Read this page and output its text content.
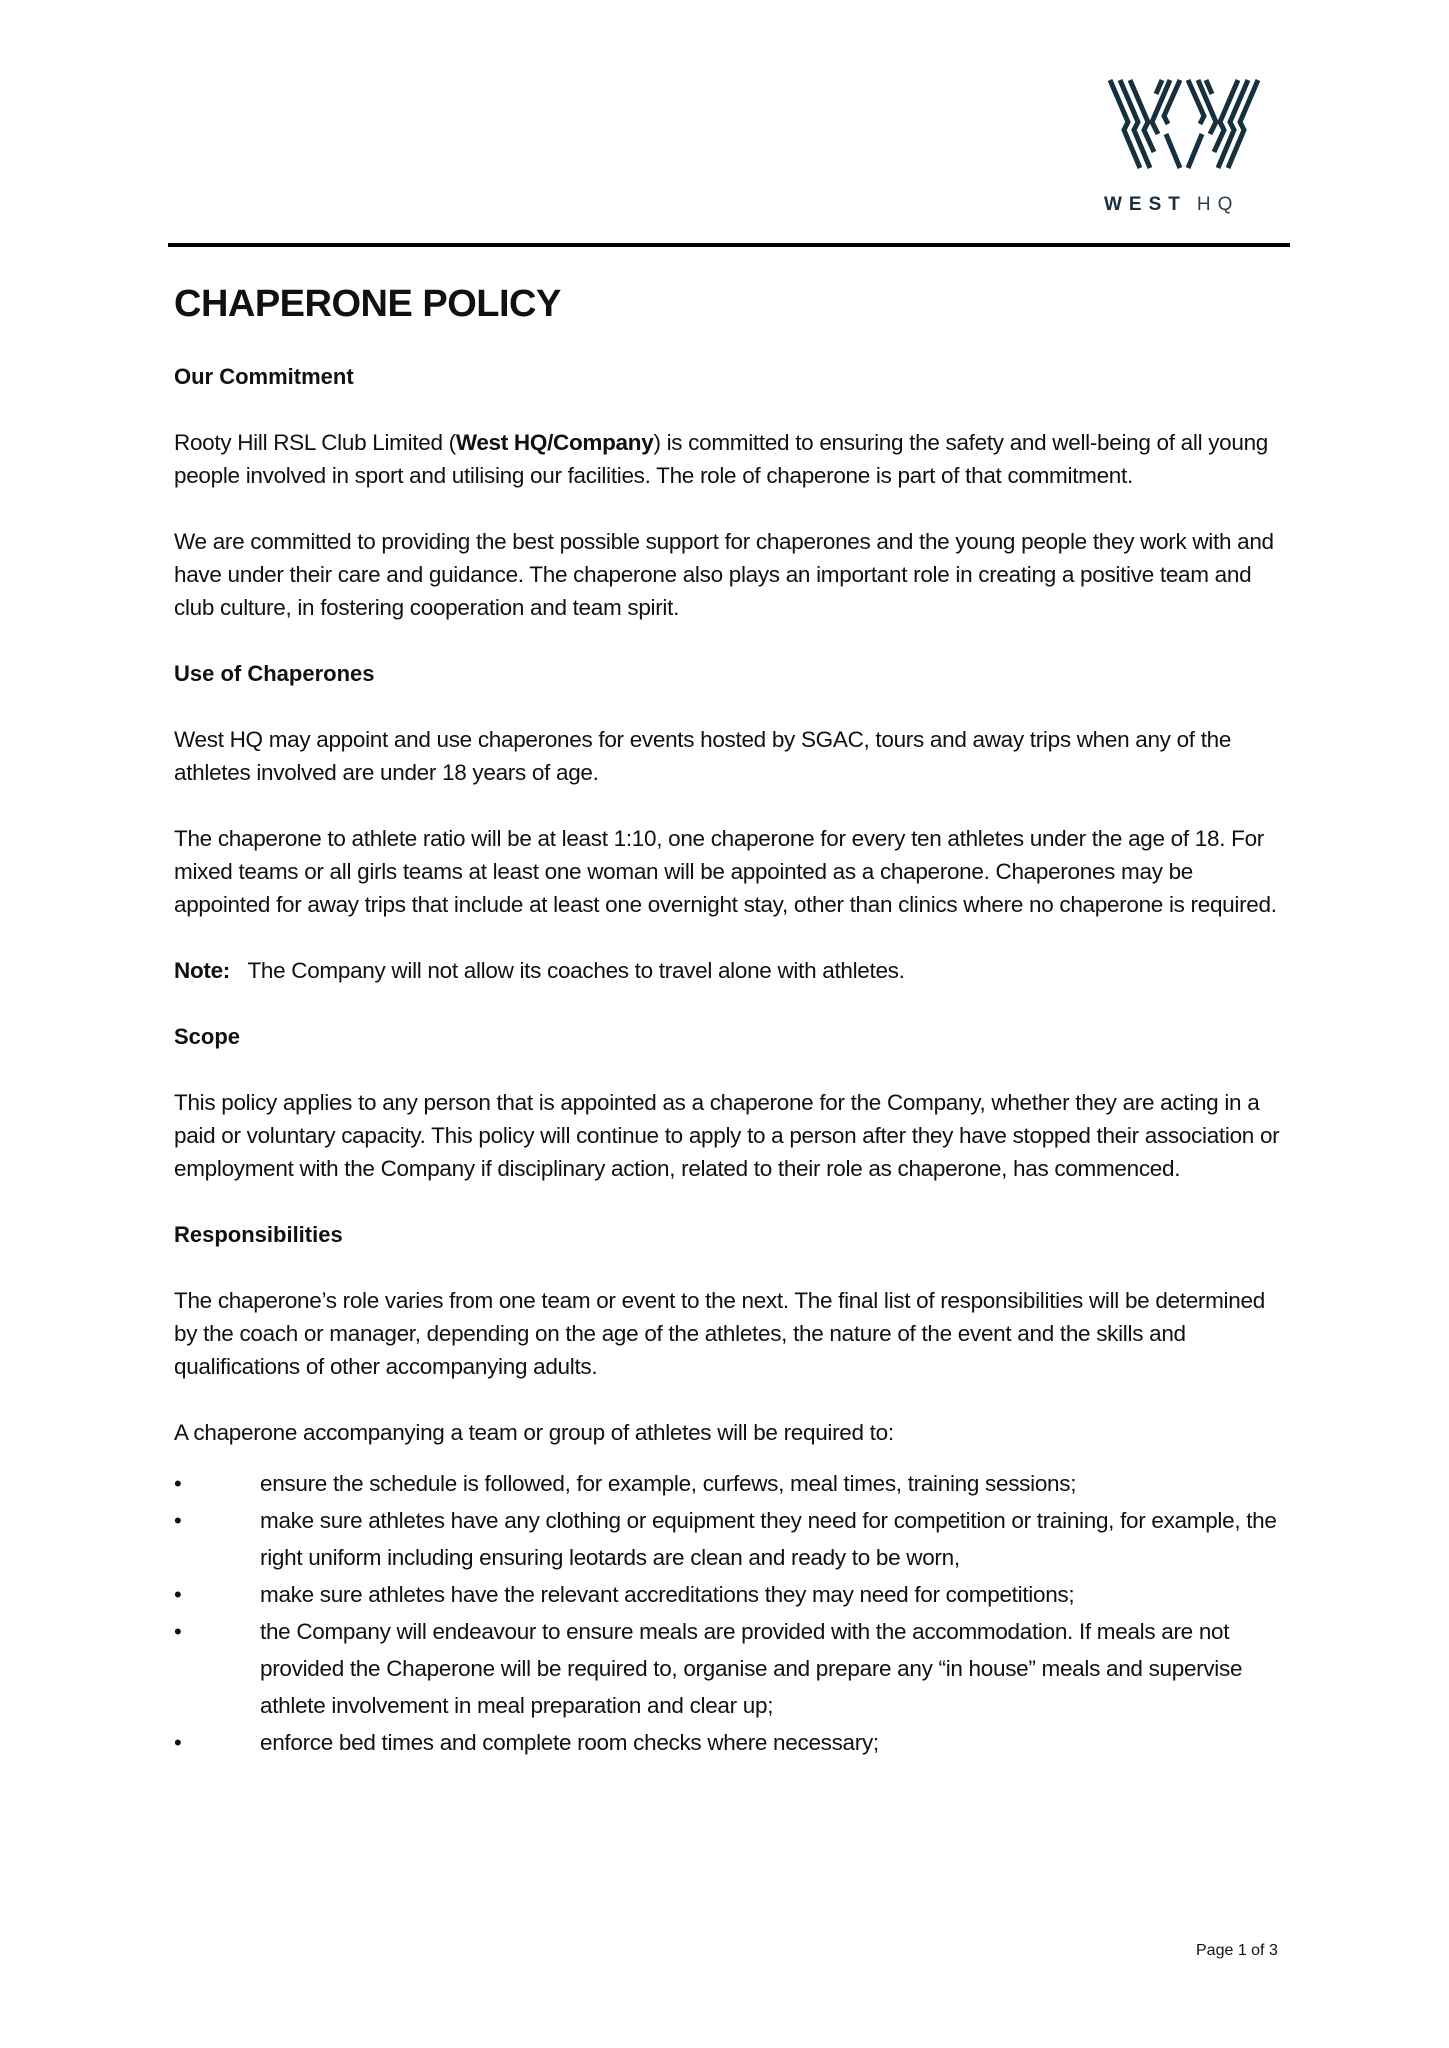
WEST HQ
CHAPERONE POLICY
Our Commitment

Rooty Hill RSL Club Limited (West HQ/Company) is committed to ensuring the safety and well-being of all young people involved in sport and utilising our facilities. The role of chaperone is part of that commitment.

We are committed to providing the best possible support for chaperones and the young people they work with and have under their care and guidance. The chaperone also plays an important role in creating a positive team and club culture, in fostering cooperation and team spirit.

Use of Chaperones

West HQ may appoint and use chaperones for events hosted by SGAC, tours and away trips when any of the athletes involved are under 18 years of age.

The chaperone to athlete ratio will be at least 1:10, one chaperone for every ten athletes under the age of 18. For mixed teams or all girls teams at least one woman will be appointed as a chaperone. Chaperones may be appointed for away trips that include at least one overnight stay, other than clinics where no chaperone is required.

Note: The Company will not allow its coaches to travel alone with athletes.

Scope

This policy applies to any person that is appointed as a chaperone for the Company, whether they are acting in a paid or voluntary capacity. This policy will continue to apply to a person after they have stopped their association or employment with the Company if disciplinary action, related to their role as chaperone, has commenced.

Responsibilities

The chaperone’s role varies from one team or event to the next. The final list of responsibilities will be determined by the coach or manager, depending on the age of the athletes, the nature of the event and the skills and qualifications of other accompanying adults.

A chaperone accompanying a team or group of athletes will be required to:

•	ensure the schedule is followed, for example, curfews, meal times, training sessions;
•	make sure athletes have any clothing or equipment they need for competition or training, for example, the right uniform including ensuring leotards are clean and ready to be worn,
•	make sure athletes have the relevant accreditations they may need for competitions;
•	the Company will endeavour to ensure meals are provided with the accommodation. If meals are not provided the Chaperone will be required to, organise and prepare any “in house” meals and supervise athlete involvement in meal preparation and clear up;
•	enforce bed times and complete room checks where necessary;
Page 1 of 3
